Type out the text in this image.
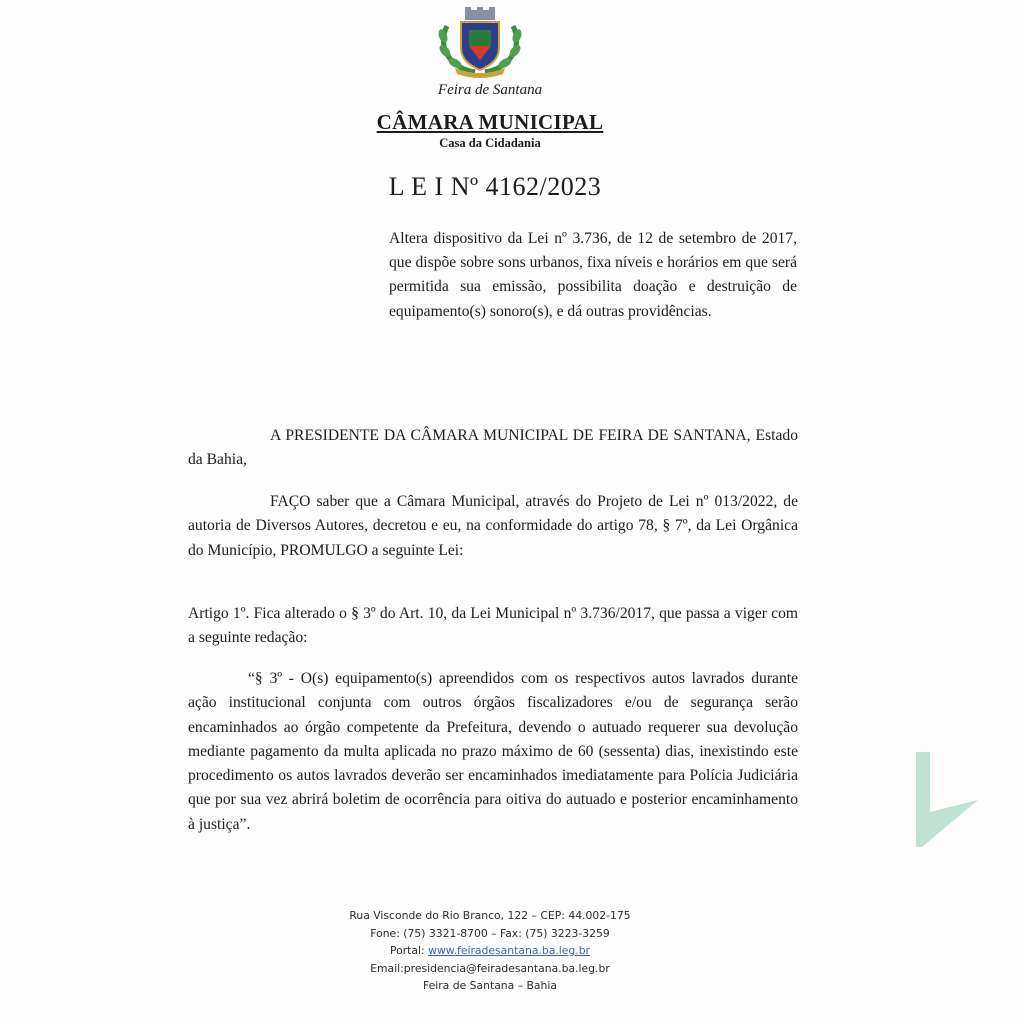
Feira de Santana
CÂMARA MUNICIPAL
Casa da Cidadania
L E I Nº 4162/2023
Altera dispositivo da Lei nº 3.736, de 12 de setembro de 2017, que dispõe sobre sons urbanos, fixa níveis e horários em que será permitida sua emissão, possibilita doação e destruição de equipamento(s) sonoro(s), e dá outras providências.
A PRESIDENTE DA CÂMARA MUNICIPAL DE FEIRA DE SANTANA, Estado da Bahia,
FAÇO saber que a Câmara Municipal, através do Projeto de Lei nº 013/2022, de autoria de Diversos Autores, decretou e eu, na conformidade do artigo 78, § 7º, da Lei Orgânica do Município, PROMULGO a seguinte Lei:
Artigo 1º. Fica alterado o § 3º do Art. 10, da Lei Municipal nº 3.736/2017, que passa a viger com a seguinte redação:
“§ 3º - O(s) equipamento(s) apreendidos com os respectivos autos lavrados durante ação institucional conjunta com outros órgãos fiscalizadores e/ou de segurança serão encaminhados ao órgão competente da Prefeitura, devendo o autuado requerer sua devolução mediante pagamento da multa aplicada no prazo máximo de 60 (sessenta) dias, inexistindo este procedimento os autos lavrados deverão ser encaminhados imediatamente para Polícia Judiciária que por sua vez abrirá boletim de ocorrência para oitiva do autuado e posterior encaminhamento à justiça”.
Rua Visconde do Rio Branco, 122 – CEP: 44.002-175
Fone: (75) 3321-8700 – Fax: (75) 3223-3259
Portal: www.feiradesantana.ba.leg.br
Email:presidencia@feiradesantana.ba.leg.br
Feira de Santana – Bahia
